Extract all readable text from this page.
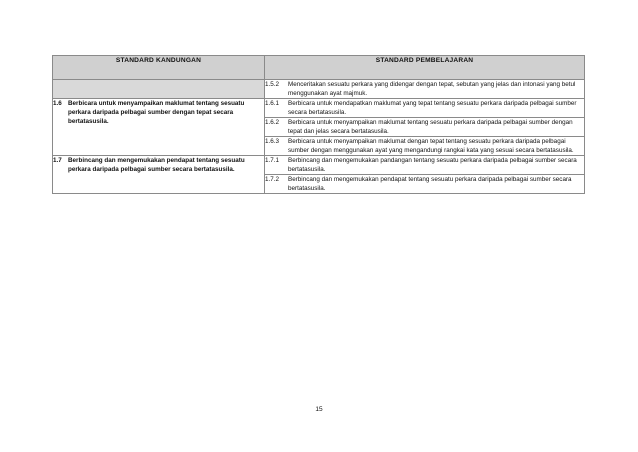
STANDARD KANDUNGAN	STANDARD PEMBELAJARAN

	1.5.2 Menceritakan sesuatu perkara yang didengar dengan tepat, sebutan yang jelas dan intonasi yang betul menggunakan ayat majmuk.

1.6 Berbicara untuk menyampaikan maklumat tentang sesuatu perkara daripada pelbagai sumber dengan tepat secara bertatasusila.	1.6.1 Berbicara untuk mendapatkan maklumat yang tepat tentang sesuatu perkara daripada pelbagai sumber secara bertatasusila.

	1.6.2 Berbicara untuk menyampaikan maklumat tentang sesuatu perkara daripada pelbagai sumber dengan tepat dan jelas secara bertatasusila.

	1.6.3 Berbicara untuk menyampaikan maklumat dengan tepat tentang sesuatu perkara daripada pelbagai sumber dengan menggunakan ayat yang mengandungi rangkai kata yang sesuai secara bertatasusila.

1.7 Berbincang dan mengemukakan pendapat tentang sesuatu perkara daripada pelbagai sumber secara bertatasusila.	1.7.1 Berbincang dan mengemukakan pandangan tentang sesuatu perkara daripada pelbagai sumber secara bertatasusila.

	1.7.2 Berbincang dan mengemukakan pendapat tentang sesuatu perkara daripada pelbagai sumber secara bertatasusila.
15
